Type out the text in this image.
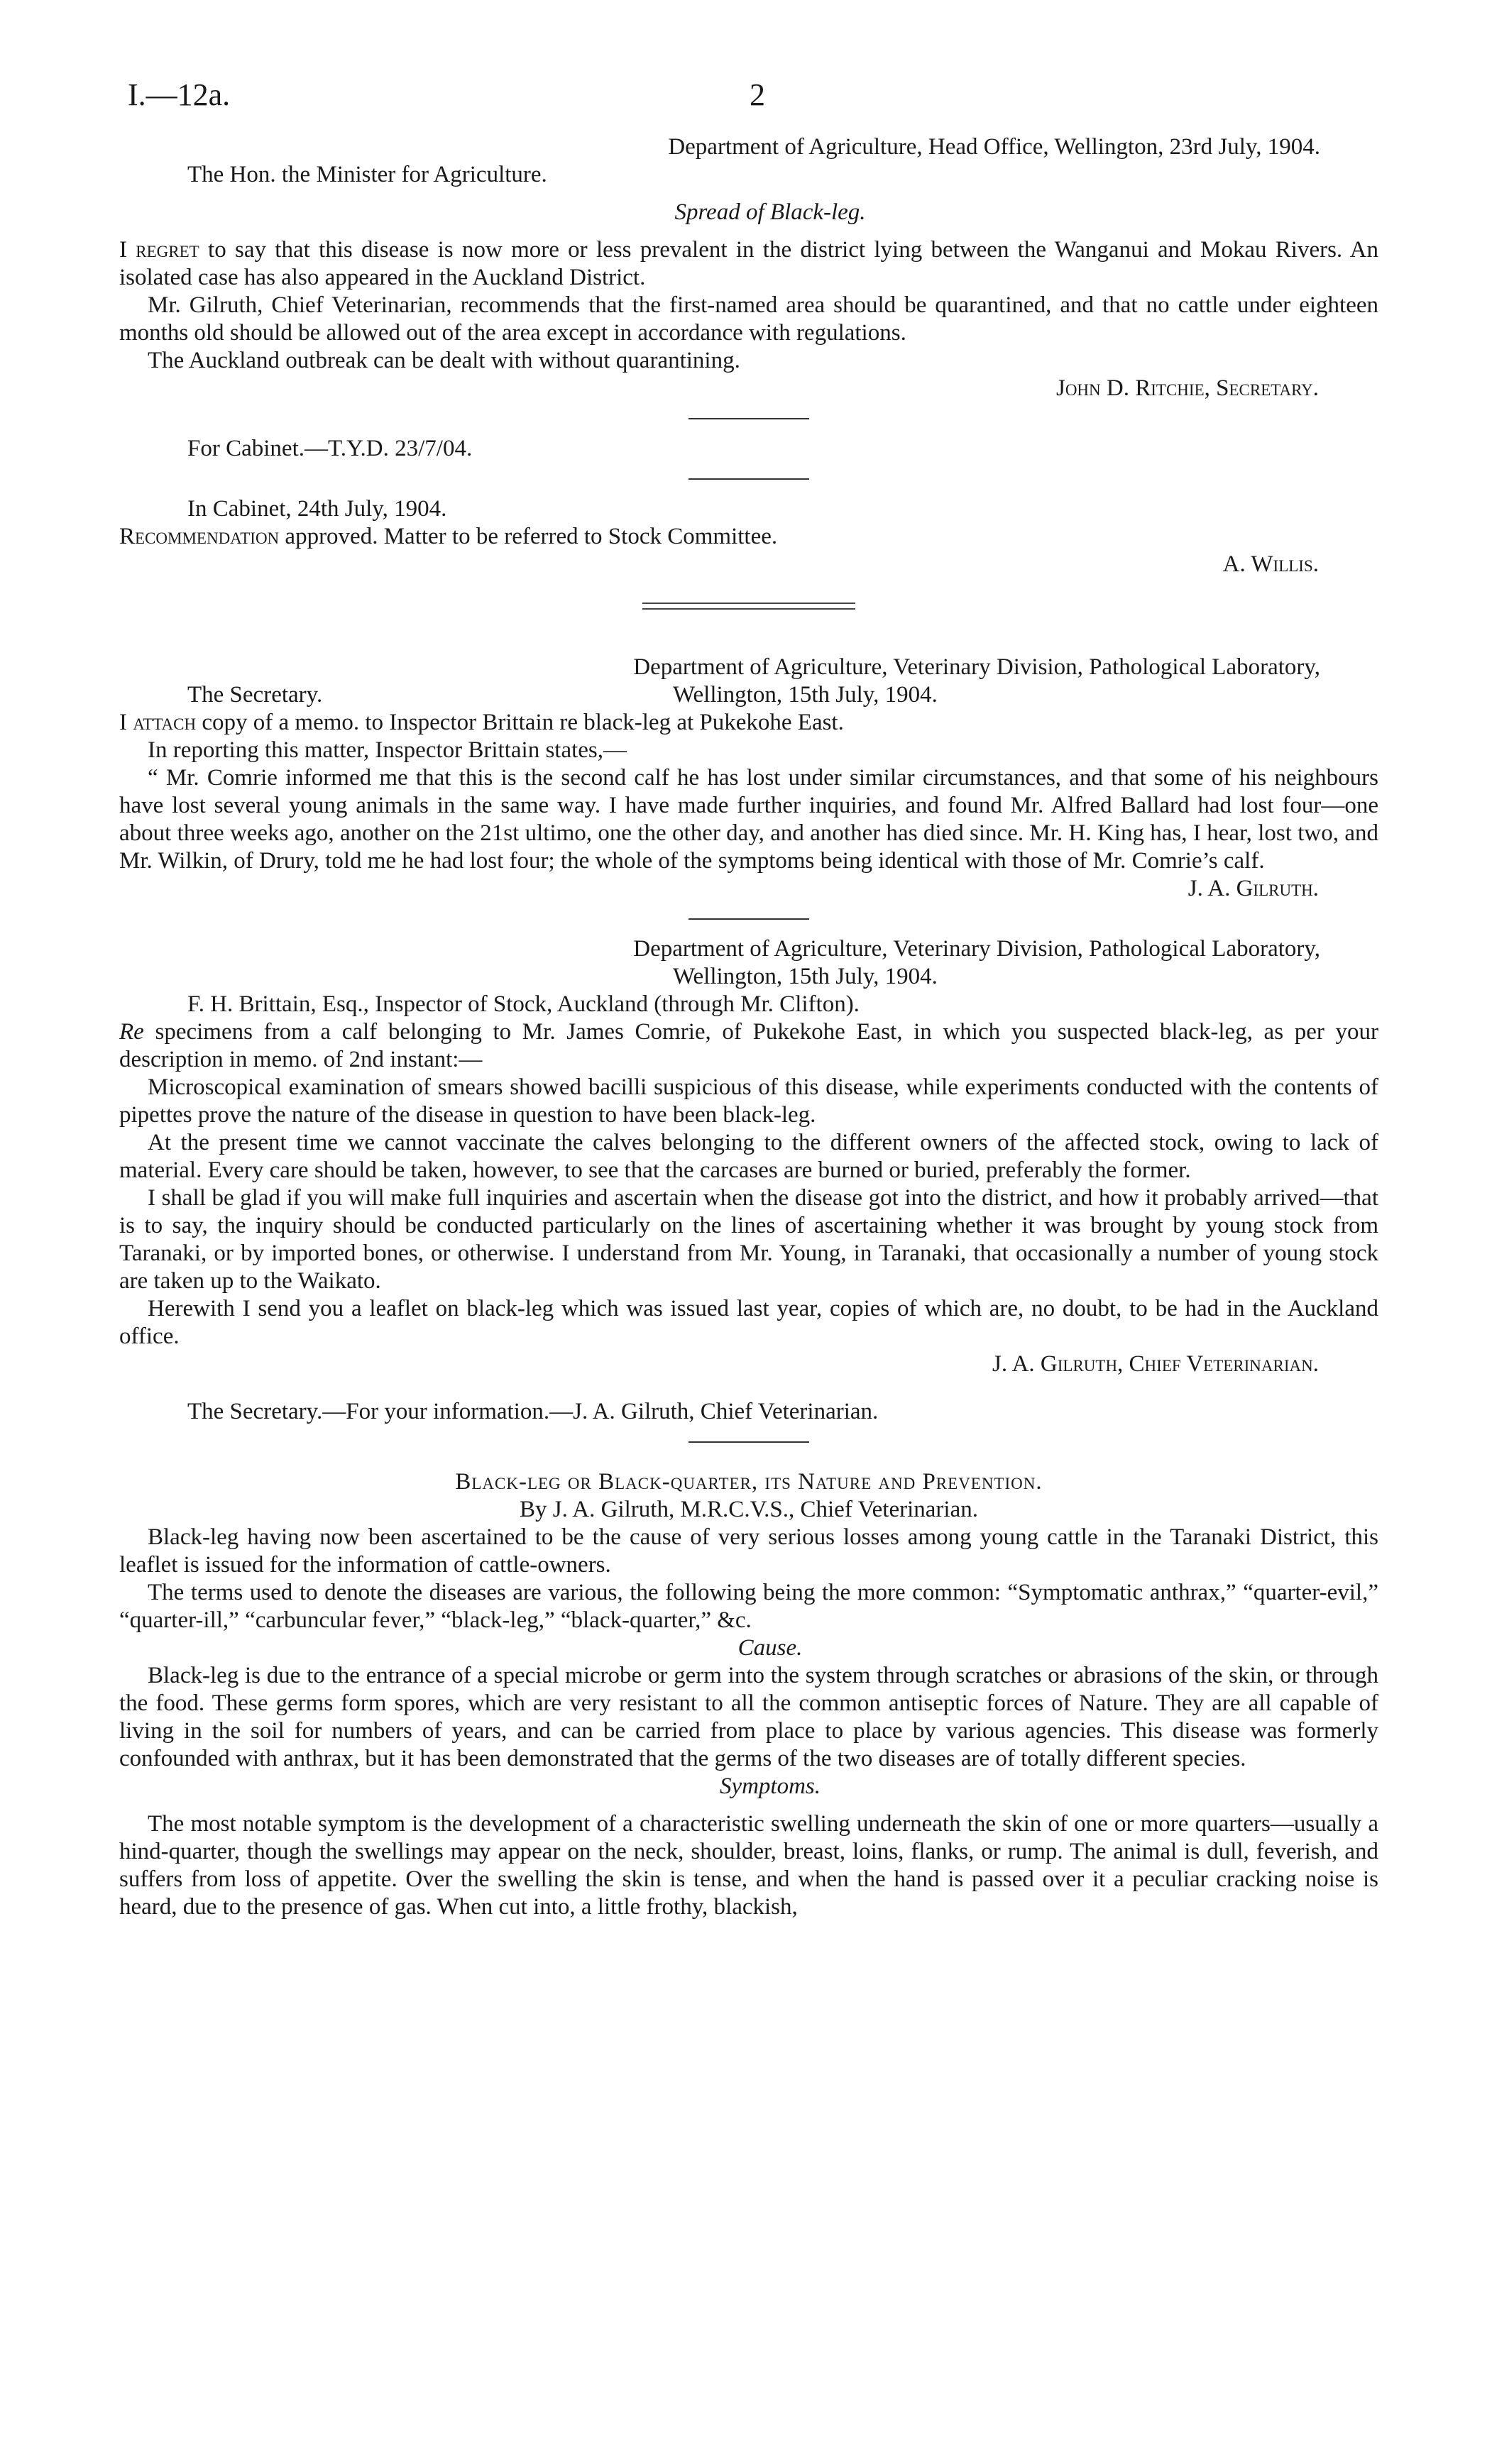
I.—12a.	2

Department of Agriculture, Head Office, Wellington, 23rd July, 1904.

The Hon. the Minister for Agriculture.

Spread of Black-leg.

I regret to say that this disease is now more or less prevalent in the district lying between the Wanganui and Mokau Rivers. An isolated case has also appeared in the Auckland District.

Mr. Gilruth, Chief Veterinarian, recommends that the first-named area should be quarantined, and that no cattle under eighteen months old should be allowed out of the area except in accordance with regulations.

The Auckland outbreak can be dealt with without quarantining.

John D. Ritchie, Secretary.

For Cabinet.—T.Y.D. 23/7/04.

In Cabinet, 24th July, 1904.

Recommendation approved. Matter to be referred to Stock Committee.

A. Willis.

Department of Agriculture, Veterinary Division, Pathological Laboratory,

The Secretary.	Wellington, 15th July, 1904.

I attach copy of a memo. to Inspector Brittain re black-leg at Pukekohe East.

In reporting this matter, Inspector Brittain states,—

“ Mr. Comrie informed me that this is the second calf he has lost under similar circumstances, and that some of his neighbours have lost several young animals in the same way. I have made further inquiries, and found Mr. Alfred Ballard had lost four—one about three weeks ago, another on the 21st ultimo, one the other day, and another has died since. Mr. H. King has, I hear, lost two, and Mr. Wilkin, of Drury, told me he had lost four; the whole of the symptoms being identical with those of Mr. Comrie’s calf.

J. A. Gilruth.

Department of Agriculture, Veterinary Division, Pathological Laboratory,

Wellington, 15th July, 1904.

F. H. Brittain, Esq., Inspector of Stock, Auckland (through Mr. Clifton).

Re specimens from a calf belonging to Mr. James Comrie, of Pukekohe East, in which you suspected black-leg, as per your description in memo. of 2nd instant:—

Microscopical examination of smears showed bacilli suspicious of this disease, while experiments conducted with the contents of pipettes prove the nature of the disease in question to have been black-leg.

At the present time we cannot vaccinate the calves belonging to the different owners of the affected stock, owing to lack of material. Every care should be taken, however, to see that the carcases are burned or buried, preferably the former.

I shall be glad if you will make full inquiries and ascertain when the disease got into the district, and how it probably arrived—that is to say, the inquiry should be conducted particularly on the lines of ascertaining whether it was brought by young stock from Taranaki, or by imported bones, or otherwise. I understand from Mr. Young, in Taranaki, that occasionally a number of young stock are taken up to the Waikato.

Herewith I send you a leaflet on black-leg which was issued last year, copies of which are, no doubt, to be had in the Auckland office.

J. A. Gilruth, Chief Veterinarian.

The Secretary.—For your information.—J. A. Gilruth, Chief Veterinarian.

Black-leg or Black-quarter, its Nature and Prevention.

By J. A. Gilruth, M.R.C.V.S., Chief Veterinarian.

Black-leg having now been ascertained to be the cause of very serious losses among young cattle in the Taranaki District, this leaflet is issued for the information of cattle-owners.

The terms used to denote the diseases are various, the following being the more common: “Symptomatic anthrax,” “quarter-evil,” “quarter-ill,” “carbuncular fever,” “black-leg,” “black-quarter,” &c.

Cause.

Black-leg is due to the entrance of a special microbe or germ into the system through scratches or abrasions of the skin, or through the food. These germs form spores, which are very resistant to all the common antiseptic forces of Nature. They are all capable of living in the soil for numbers of years, and can be carried from place to place by various agencies. This disease was formerly confounded with anthrax, but it has been demonstrated that the germs of the two diseases are of totally different species.

Symptoms.

The most notable symptom is the development of a characteristic swelling underneath the skin of one or more quarters—usually a hind-quarter, though the swellings may appear on the neck, shoulder, breast, loins, flanks, or rump. The animal is dull, feverish, and suffers from loss of appetite. Over the swelling the skin is tense, and when the hand is passed over it a peculiar cracking noise is heard, due to the presence of gas. When cut into, a little frothy, blackish,
